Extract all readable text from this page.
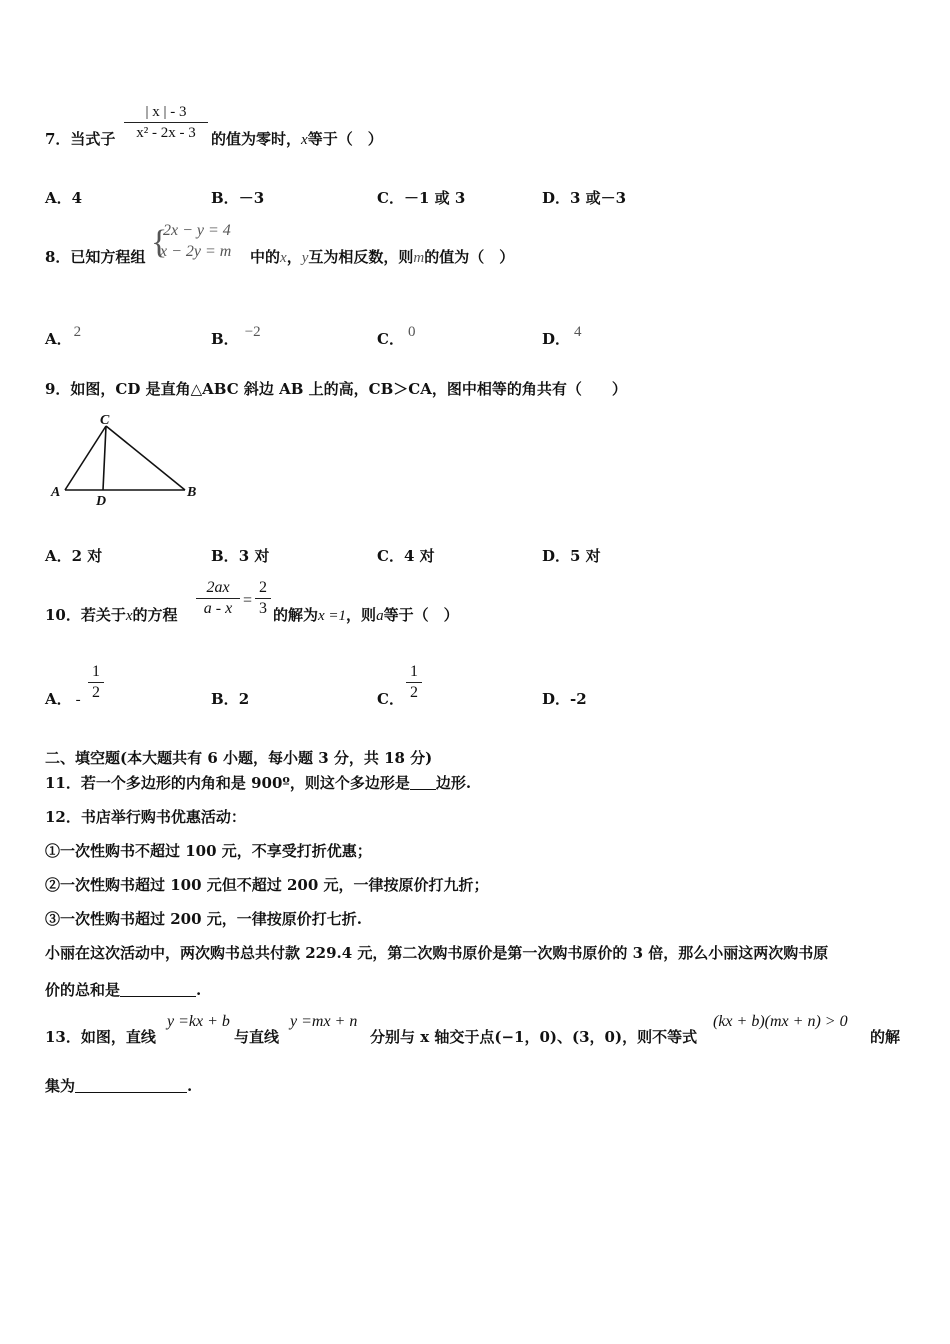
7．当式子
| x | - 3
x² - 2x - 3	的值为零时，x等于（　）
A．4	B．－3	C．－1 或 3	D．3 或－3
8．已知方程组 {
2x − y = 4
x − 2y = m 中的x，y互为相反数，则m的值为（　）
A． 2	B． −2	C． 0	D． 4
9．如图，CD 是直角△ABC 斜边 AB 上的高，CB＞CA，图中相等的角共有（　　）
C
A
D
B
A．2 对	B．3 对	C．4 对	D．5 对
10．若关于x的方程
2ax
a - x =
2
3 的解为x =1，则a等于（　）
A． -
1
2	B．2	C．
1
2	D．-2
二、填空题(本大题共有 6 小题，每小题 3 分，共 18 分)
11．若一个多边形的内角和是 900º，则这个多边形是 边形.
12．书店举行购书优惠活动：
①一次性购书不超过 100 元，不享受打折优惠；
②一次性购书超过 100 元但不超过 200 元，一律按原价打九折；
③一次性购书超过 200 元，一律按原价打七折.
小丽在这次活动中，两次购书总共付款 229.4 元，第二次购书原价是第一次购书原价的 3 倍，那么小丽这两次购书原
价的总和是	.
13．如图，直线
y =kx + b
与直线
y =mx + n
分别与 x 轴交于点(−1，0)、(3，0)，则不等式
(kx + b)(mx + n) > 0
的解
集为	.
